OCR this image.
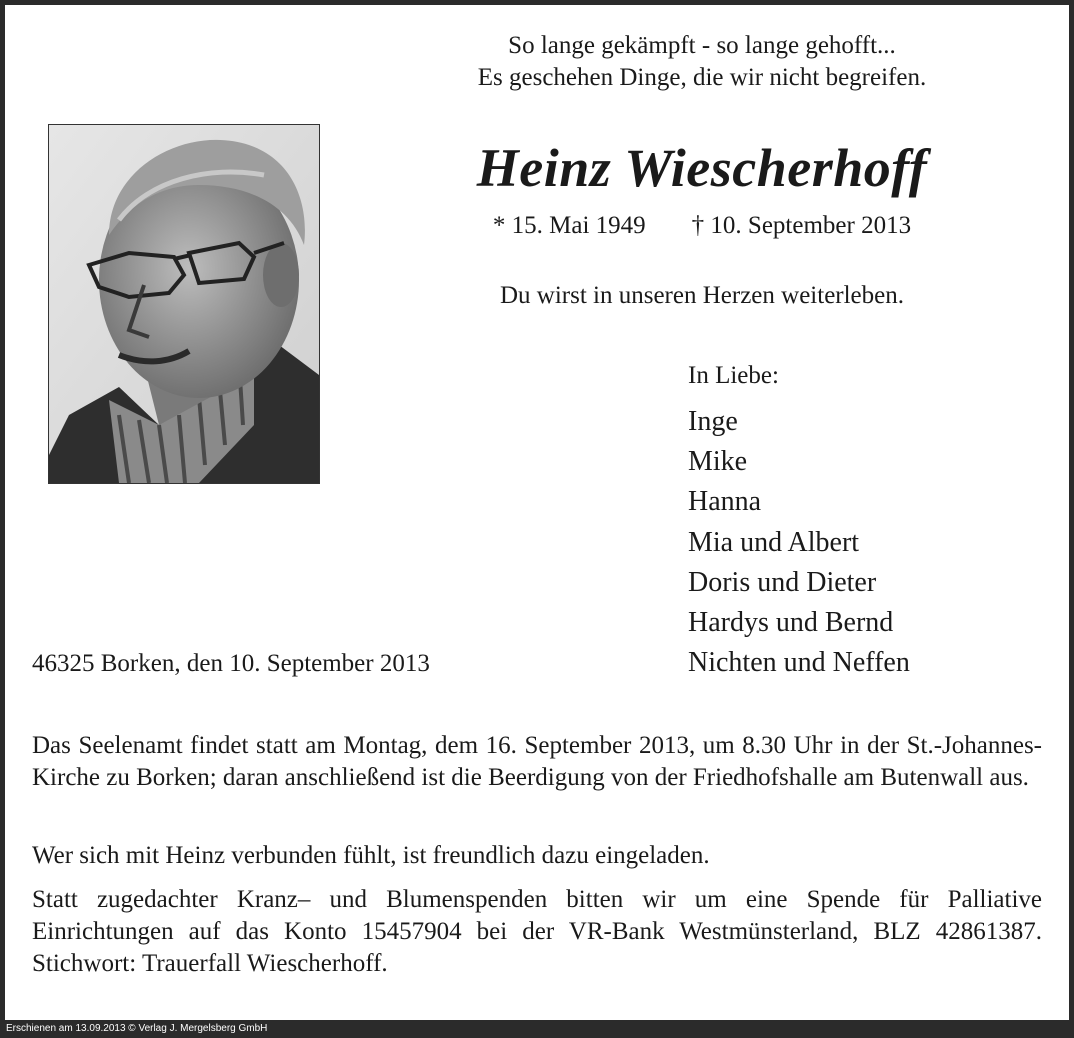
So lange gekämpft - so lange gehofft...
Es geschehen Dinge, die wir nicht begreifen.
Heinz Wiescherhoff
* 15. Mai 1949 † 10. September 2013
Du wirst in unseren Herzen weiterleben.
In Liebe:
Inge
Mike
Hanna
Mia und Albert
Doris und Dieter
Hardys und Bernd
Nichten und Neffen
46325 Borken, den 10. September 2013
Das Seelenamt findet statt am Montag, dem 16. September 2013, um 8.30 Uhr in der St.-Johannes-Kirche zu Borken; daran anschließend ist die Beerdigung von der Friedhofshalle am Butenwall aus.
Wer sich mit Heinz verbunden fühlt, ist freundlich dazu eingeladen.
Statt zugedachter Kranz– und Blumenspenden bitten wir um eine Spende für Palliative Einrichtungen auf das Konto 15457904 bei der VR-Bank Westmünsterland, BLZ 42861387. Stichwort: Trauerfall Wiescherhoff.
Erschienen am 13.09.2013 © Verlag J. Mergelsberg GmbH
